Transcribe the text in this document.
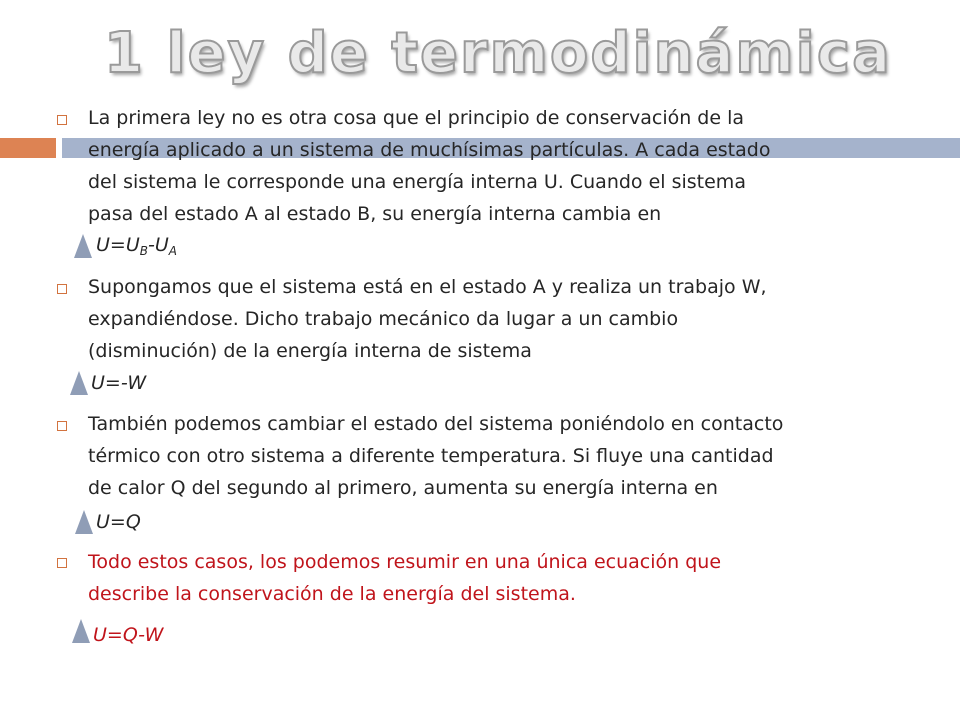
1 ley de termodinámica
La primera ley no es otra cosa que el principio de conservación de la
energía aplicado a un sistema de muchísimas partículas. A cada estado
del sistema le corresponde una energía interna U. Cuando el sistema
pasa del estado A al estado B, su energía interna cambia en
$U=U_B-U_A$
Supongamos que el sistema está en el estado A y realiza un trabajo W,
expandiéndose. Dicho trabajo mecánico da lugar a un cambio
(disminución) de la energía interna de sistema
U=-W
También podemos cambiar el estado del sistema poniéndolo en contacto
térmico con otro sistema a diferente temperatura. Si fluye una cantidad
de calor Q del segundo al primero, aumenta su energía interna en
U=Q
Todo estos casos, los podemos resumir en una única ecuación que
describe la conservación de la energía del sistema.
U=Q-W
